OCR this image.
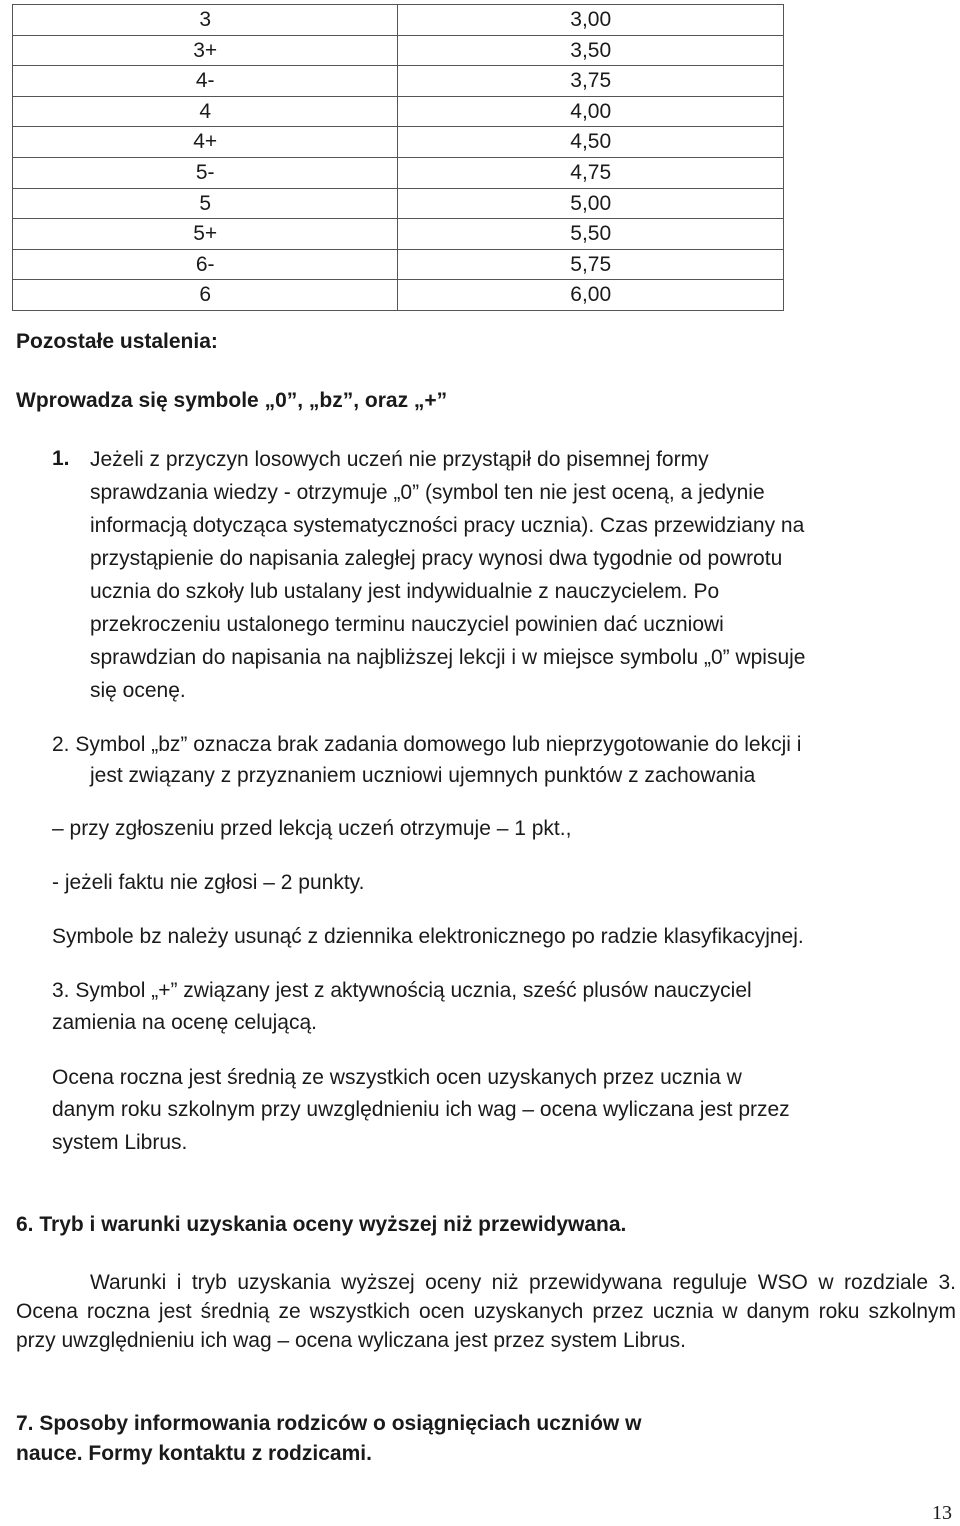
3	3,00
3+	3,50
4-	3,75
4	4,00
4+	4,50
5-	4,75
5	5,00
5+	5,50
6-	5,75
6	6,00
Pozostałe ustalenia:
Wprowadza się symbole „0”, „bz”, oraz „+”
1. Jeżeli z przyczyn losowych uczeń nie przystąpił do pisemnej formy
sprawdzania wiedzy - otrzymuje „0” (symbol ten nie jest oceną, a jedynie
informacją dotycząca systematyczności pracy ucznia). Czas przewidziany na
przystąpienie do napisania zaległej pracy wynosi dwa tygodnie od powrotu
ucznia do szkoły lub ustalany jest indywidualnie z nauczycielem. Po
przekroczeniu ustalonego terminu nauczyciel powinien dać uczniowi
sprawdzian do napisania na najbliższej lekcji i w miejsce symbolu „0” wpisuje
się ocenę.
2. Symbol „bz” oznacza brak zadania domowego lub nieprzygotowanie do lekcji i
jest związany z przyznaniem uczniowi ujemnych punktów z zachowania
– przy zgłoszeniu przed lekcją uczeń otrzymuje – 1 pkt.,
- jeżeli faktu nie zgłosi – 2 punkty.
Symbole bz należy usunąć z dziennika elektronicznego po radzie klasyfikacyjnej.
3. Symbol „+” związany jest z aktywnością ucznia, sześć plusów nauczyciel
zamienia na ocenę celującą.
Ocena roczna jest średnią ze wszystkich ocen uzyskanych przez ucznia w
danym roku szkolnym przy uwzględnieniu ich wag – ocena wyliczana jest przez
system Librus.
6. Tryb i warunki uzyskania oceny wyższej niż przewidywana.
Warunki i tryb uzyskania wyższej oceny niż przewidywana reguluje WSO w rozdziale 3. Ocena roczna jest średnią ze wszystkich ocen uzyskanych przez ucznia w danym roku szkolnym przy uwzględnieniu ich wag – ocena wyliczana jest przez system Librus.
7. Sposoby informowania rodziców o osiągnięciach uczniów w
nauce. Formy kontaktu z rodzicami.
13
